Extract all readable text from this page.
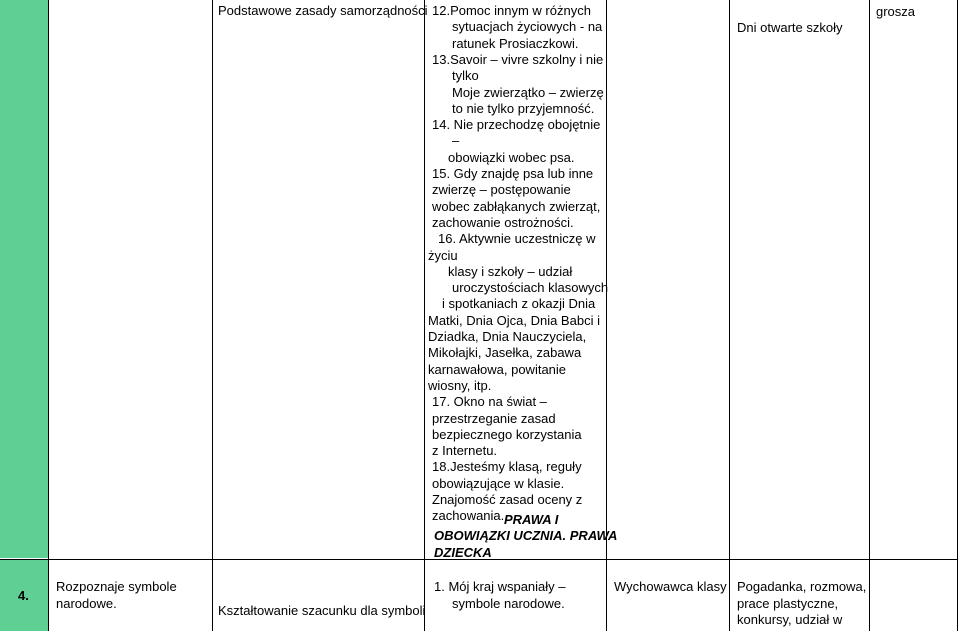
Podstawowe zasady samorządności 12.Pomoc innym w różnych
sytuacjach życiowych - na
ratunek Prosiaczkowi.
13.Savoir – vivre szkolny i nie
tylko
Moje zwierzątko – zwierzę
to nie tylko przyjemność.
14. Nie przechodzę obojętnie
–
obowiązki wobec psa.
15. Gdy znajdę psa lub inne
zwierzę – postępowanie
wobec zabłąkanych zwierząt,
zachowanie ostrożności.
16. Aktywnie uczestniczę w
życiu
klasy i szkoły – udział
uroczystościach klasowych
i spotkaniach z okazji Dnia
Matki, Dnia Ojca, Dnia Babci i
Dziadka, Dnia Nauczyciela,
Mikołajki, Jasełka, zabawa
karnawałowa, powitanie
wiosny, itp.
17. Okno na świat –
przestrzeganie zasad
bezpiecznego korzystania
z Internetu.
18.Jesteśmy klasą, reguły
obowiązujące w klasie.
Znajomość zasad oceny z
zachowania. PRAWA I
OBOWIĄZKI UCZNIA. PRAWA
DZIECKA
Dni otwarte szkoły
grosza
4.
Rozpoznaje symbole
narodowe.	Kształtowanie szacunku dla symboli
1. Mój kraj wspaniały –
symbole narodowe.
Wychowawca klasy Pogadanka, rozmowa,
prace plastyczne,
konkursy, udział w
